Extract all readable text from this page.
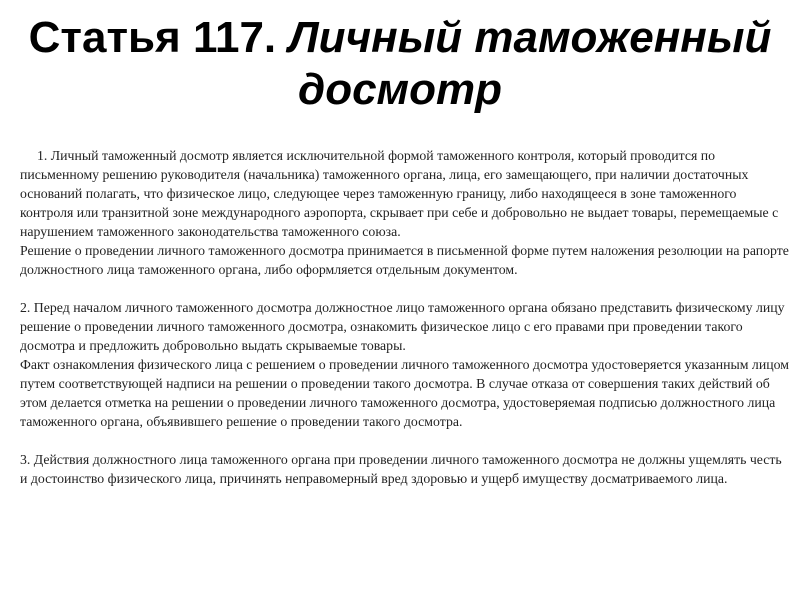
Статья 117. Личный таможенный досмотр

1. Личный таможенный досмотр является исключительной формой таможенного контроля, который проводится по письменному решению руководителя (начальника) таможенного органа, лица, его замещающего, при наличии достаточных оснований полагать, что физическое лицо, следующее через таможенную границу, либо находящееся в зоне таможенного контроля или транзитной зоне международного аэропорта, скрывает при себе и добровольно не выдает товары, перемещаемые с нарушением таможенного законодательства таможенного союза.

Решение о проведении личного таможенного досмотра принимается в письменной форме путем наложения резолюции на рапорте должностного лица таможенного органа, либо оформляется отдельным документом.

2. Перед началом личного таможенного досмотра должностное лицо таможенного органа обязано представить физическому лицу решение о проведении личного таможенного досмотра, ознакомить физическое лицо с его правами при проведении такого досмотра и предложить добровольно выдать скрываемые товары.

Факт ознакомления физического лица с решением о проведении личного таможенного досмотра удостоверяется указанным лицом путем соответствующей надписи на решении о проведении такого досмотра. В случае отказа от совершения таких действий об этом делается отметка на решении о проведении личного таможенного досмотра, удостоверяемая подписью должностного лица таможенного органа, объявившего решение о проведении такого досмотра.

3. Действия должностного лица таможенного органа при проведении личного таможенного досмотра не должны ущемлять честь и достоинство физического лица, причинять неправомерный вред здоровью и ущерб имуществу досматриваемого лица.
